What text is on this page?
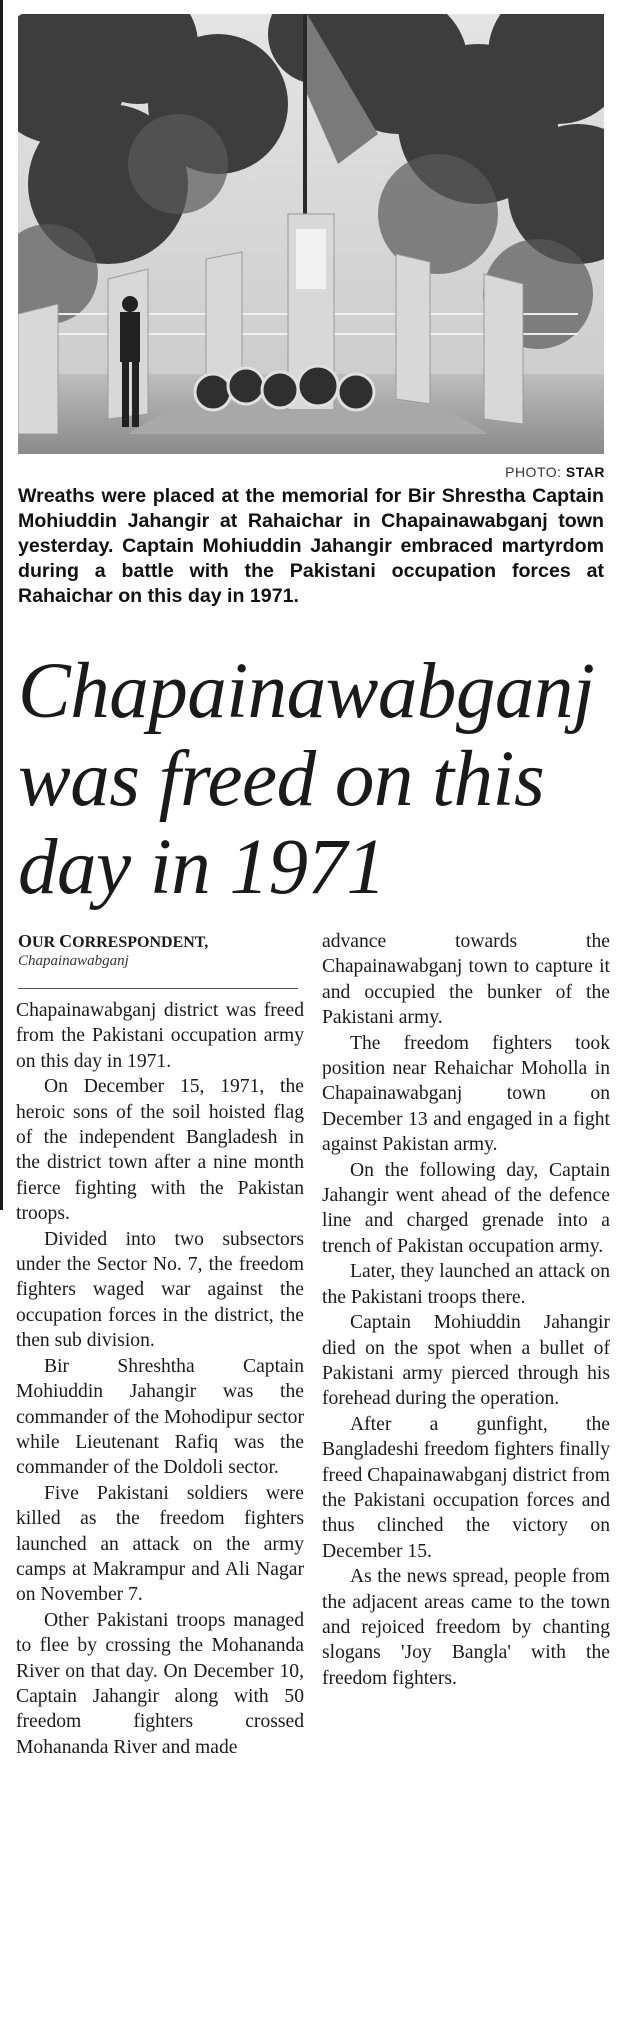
PHOTO: STAR

Wreaths were placed at the memorial for Bir Shrestha Captain Mohiuddin Jahangir at Rahaichar in Chapainawabganj town yesterday. Captain Mohiuddin Jahangir embraced martyrdom during a battle with the Pakistani occupation forces at Rahaichar on this day in 1971.

Chapainawabganj was freed on this day in 1971
OUR CORRESPONDENT,
Chapainawabganj

Chapainawabganj district was freed from the Pakistani occupation army on this day in 1971.

On December 15, 1971, the heroic sons of the soil hoisted flag of the independent Bangladesh in the district town after a nine month fierce fighting with the Pakistan troops.

Divided into two subsectors under the Sector No. 7, the freedom fighters waged war against the occupation forces in the district, the then sub division.

Bir Shreshtha Captain Mohiuddin Jahangir was the commander of the Mohodipur sector while Lieutenant Rafiq was the commander of the Doldoli sector.

Five Pakistani soldiers were killed as the freedom fighters launched an attack on the army camps at Makrampur and Ali Nagar on November 7.

Other Pakistani troops managed to flee by crossing the Mohananda River on that day. On December 10, Captain Jahangir along with 50 freedom fighters crossed Mohananda River and made

advance towards the Chapainawabganj town to capture it and occupied the bunker of the Pakistani army.

The freedom fighters took position near Rehaichar Moholla in Chapainawabganj town on December 13 and engaged in a fight against Pakistan army.

On the following day, Captain Jahangir went ahead of the defence line and charged grenade into a trench of Pakistan occupation army.

Later, they launched an attack on the Pakistani troops there.

Captain Mohiuddin Jahangir died on the spot when a bullet of Pakistani army pierced through his forehead during the operation.

After a gunfight, the Bangladeshi freedom fighters finally freed Chapainawabganj district from the Pakistani occupation forces and thus clinched the victory on December 15.

As the news spread, people from the adjacent areas came to the town and rejoiced freedom by chanting slogans 'Joy Bangla' with the freedom fighters.
